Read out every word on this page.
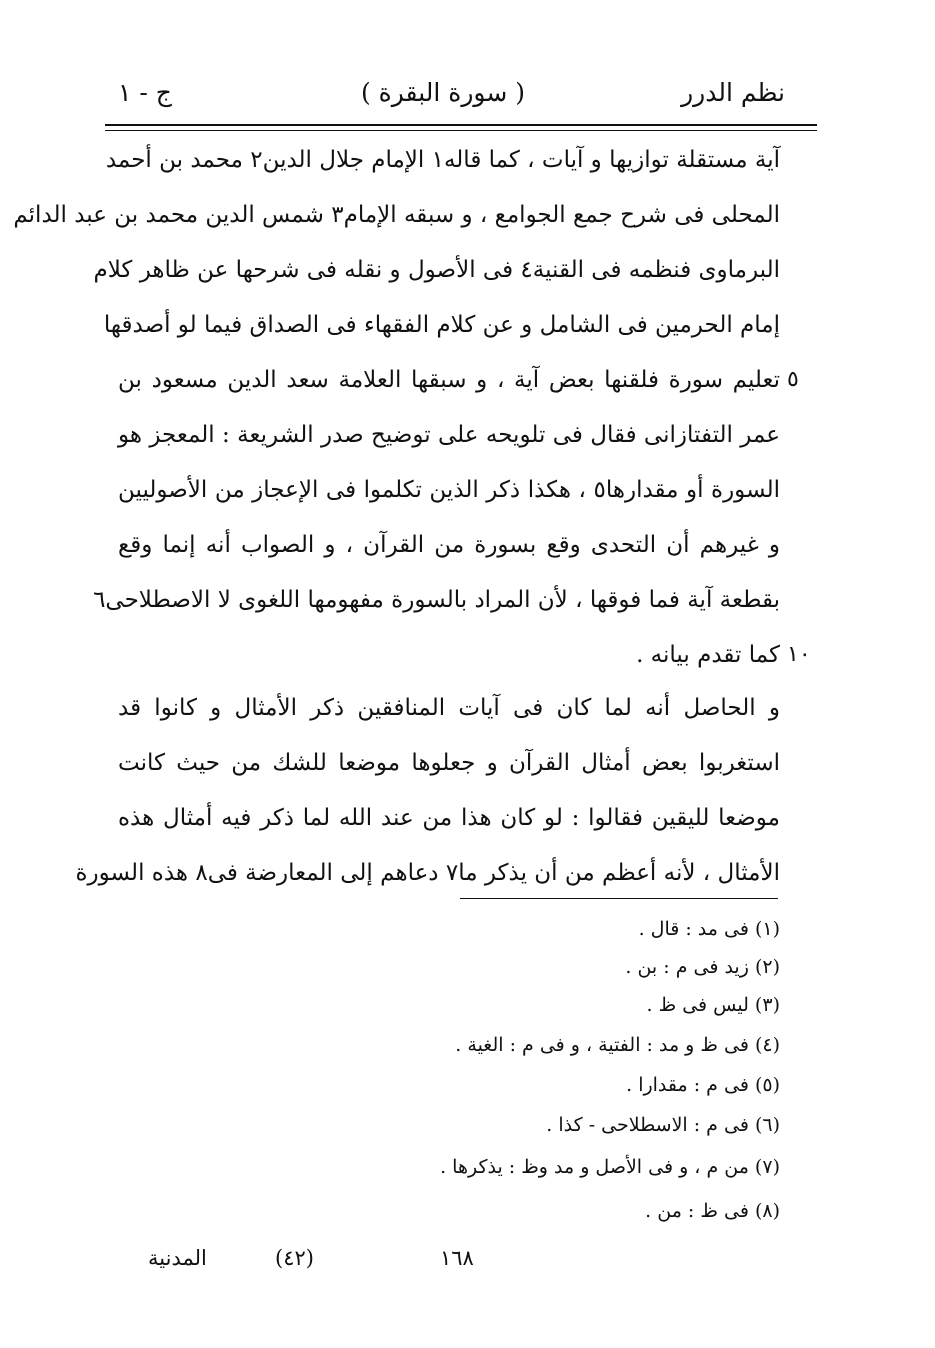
نظم الدرر
( سورة البقرة )
ج - ١
آية مستقلة توازيها و آيات ، كما قاله١ الإمام جلال الدين٢ محمد بن أحمد
المحلى فى شرح جمع الجوامع ، و سبقه الإمام٣ شمس الدين محمد بن عبد الدائم
البرماوى فنظمه فى القنية٤ فى الأصول و نقله فى شرحها عن ظاهر كلام
إمام الحرمين فى الشامل و عن كلام الفقهاء فى الصداق فيما لو أصدقها
تعليم سورة فلقنها بعض آية ، و سبقها العلامة سعد الدين مسعود بن ٥
عمر التفتازانى فقال فى تلويحه على توضيح صدر الشريعة : المعجز هو
السورة أو مقدارها٥ ، هكذا ذكر الذين تكلموا فى الإعجاز من الأصوليين
و غيرهم أن التحدى وقع بسورة من القرآن ، و الصواب أنه إنما وقع
بقطعة آية فما فوقها ، لأن المراد بالسورة مفهومها اللغوى لا الاصطلاحى٦
كما تقدم بيانه . ١٠
و الحاصل أنه لما كان فى آيات المنافقين ذكر الأمثال و كانوا قد
استغربوا بعض أمثال القرآن و جعلوها موضعا للشك من حيث كانت
موضعا لليقين فقالوا : لو كان هذا من عند الله لما ذكر فيه أمثال هذه
الأمثال ، لأنه أعظم من أن يذكر ما٧ دعاهم إلى المعارضة فى٨ هذه السورة
(١) فى مد : قال .
(٢) زيد فى م : بن .
(٣) ليس فى ظ .
(٤) فى ظ و مد : الفتية ، و فى م : الغية .
(٥) فى م : مقدارا .
(٦) فى م : الاسطلاحى - كذا .
(٧) من م ، و فى الأصل و مد وظ : يذكرها .
(٨) فى ظ : من .
١٦٨
(٤٢)
المدنية
